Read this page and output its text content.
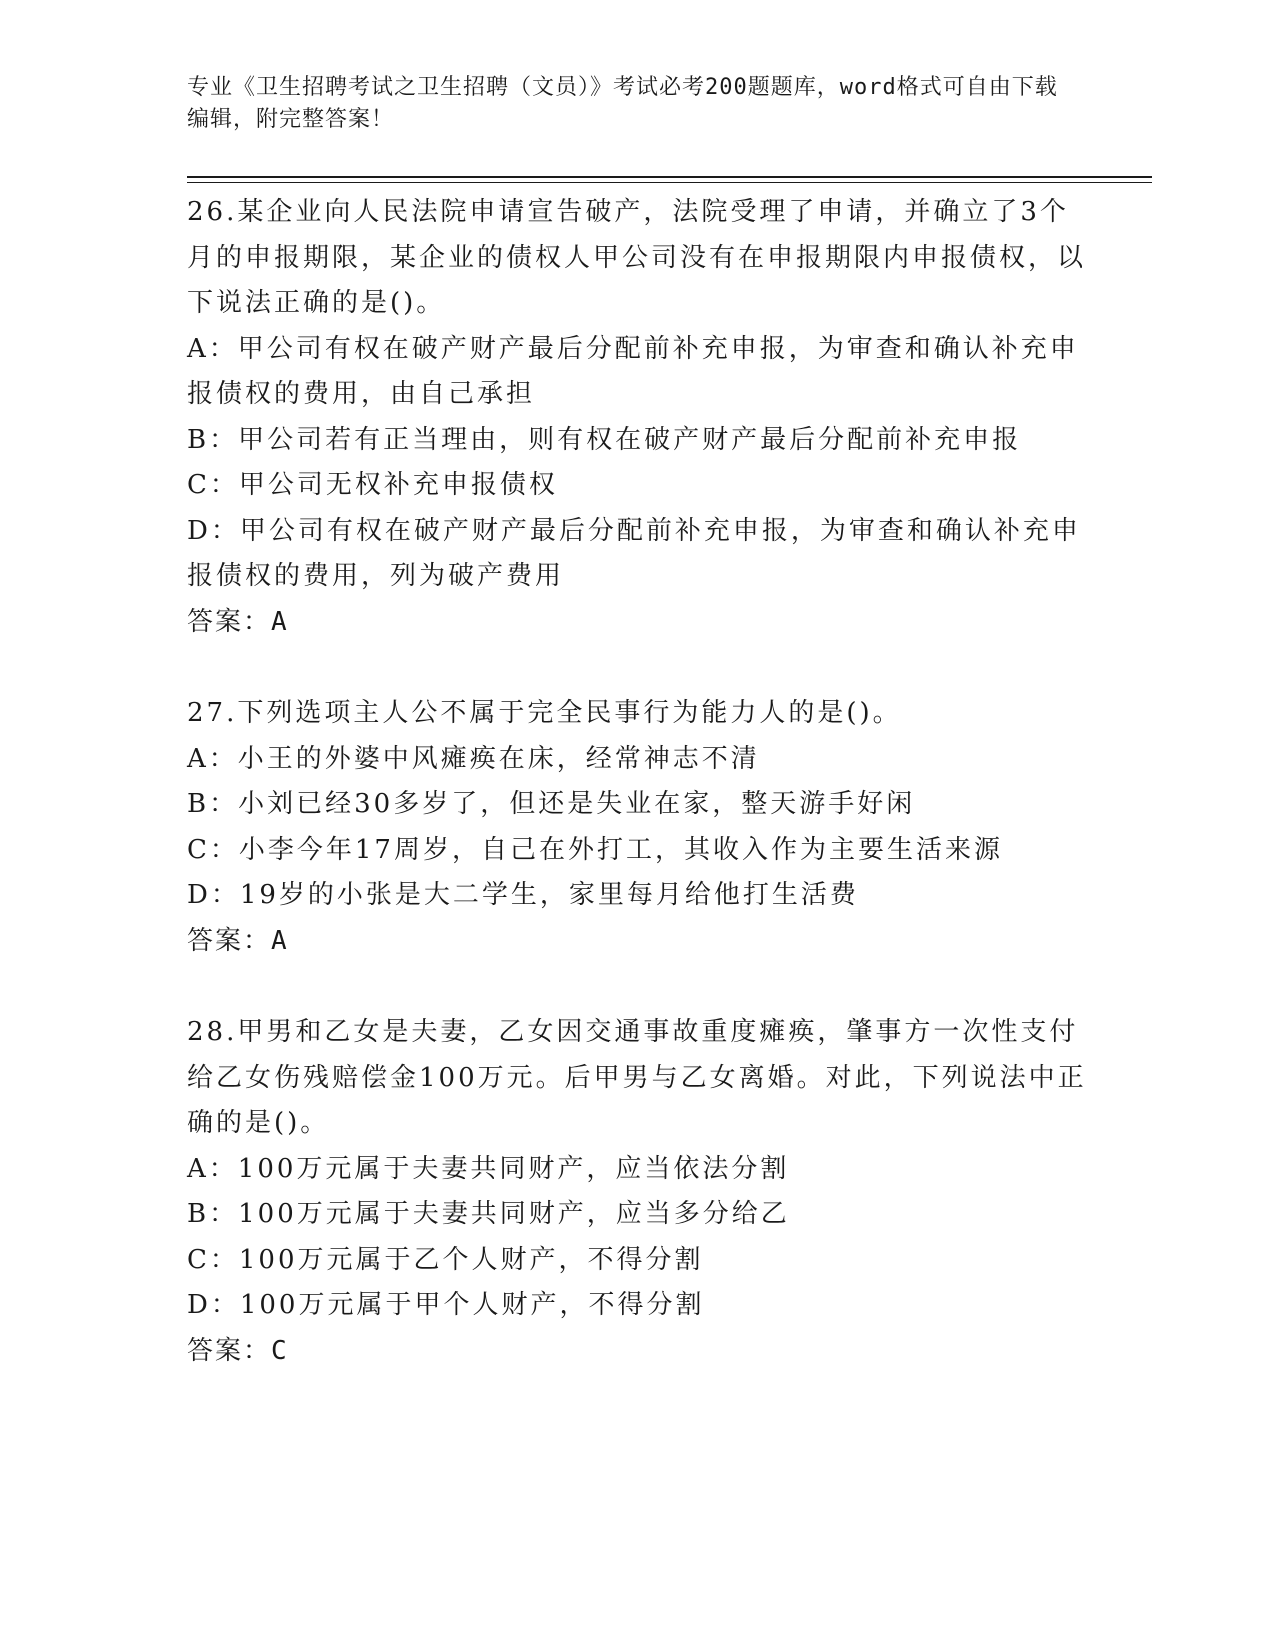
专业《卫生招聘考试之卫生招聘（文员）》考试必考200题题库，word格式可自由下载编辑，附完整答案！

26.某企业向人民法院申请宣告破产，法院受理了申请，并确立了3个月的申报期限，某企业的债权人甲公司没有在申报期限内申报债权，以下说法正确的是()。

A：甲公司有权在破产财产最后分配前补充申报，为审查和确认补充申报债权的费用，由自己承担

B：甲公司若有正当理由，则有权在破产财产最后分配前补充申报

C：甲公司无权补充申报债权

D：甲公司有权在破产财产最后分配前补充申报，为审查和确认补充申报债权的费用，列为破产费用

答案：A

27.下列选项主人公不属于完全民事行为能力人的是()。

A：小王的外婆中风瘫痪在床，经常神志不清

B：小刘已经30多岁了，但还是失业在家，整天游手好闲

C：小李今年17周岁，自己在外打工，其收入作为主要生活来源

D：19岁的小张是大二学生，家里每月给他打生活费

答案：A

28.甲男和乙女是夫妻，乙女因交通事故重度瘫痪，肇事方一次性支付给乙女伤残赔偿金100万元。后甲男与乙女离婚。对此，下列说法中正确的是()。

A：100万元属于夫妻共同财产，应当依法分割

B：100万元属于夫妻共同财产，应当多分给乙

C：100万元属于乙个人财产，不得分割

D：100万元属于甲个人财产，不得分割

答案：C
